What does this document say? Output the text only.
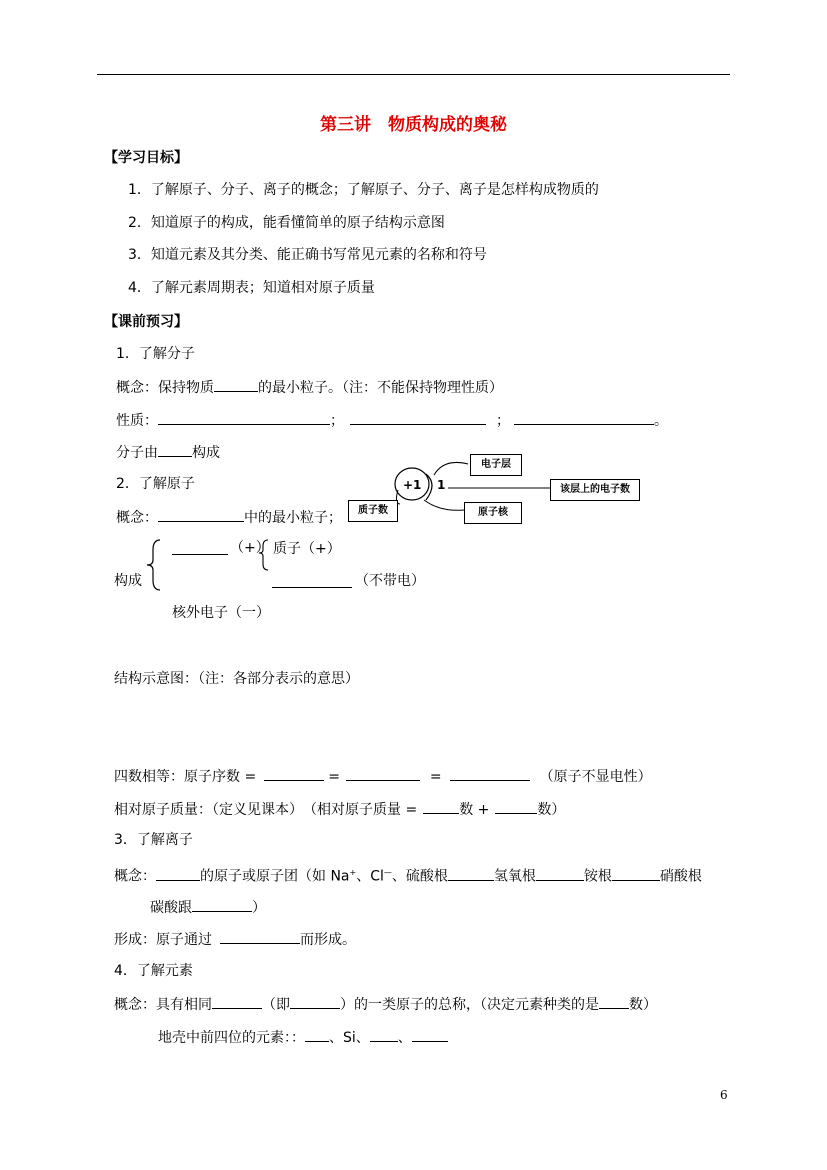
第三讲　物质构成的奥秘
【学习目标】
1．了解原子、分子、离子的概念；了解原子、分子、离子是怎样构成物质的
2．知道原子的构成，能看懂简单的原子结构示意图
3．知道元素及其分类、能正确书写常见元素的名称和符号
4．了解元素周期表；知道相对原子质量
【课前预习】
1．了解分子
概念：保持物质	的最小粒子。（注：不能保持物理性质）
性质：	；	；	。
分子由 构成
2．了解原子
概念：	中的最小粒子；
+1 1
电子层
质子数	原子核
该层上的电子数
（+） 质子（+）
构成	（不带电）
核外电子（一）
结构示意图：（注：各部分表示的意思）
四数相等：原子序数 =	=	=	（原子不显电性）
相对原子质量：（定义见课本）　（相对原子质量 =	数 +	数）
3．了解离子
概念：	的原子或原子团（如 Na+、Cl—、硫酸根	氢氧根	铵根	硝酸根
碳酸跟	）
形成：原子通过	而形成。
4．了解元素
概念：具有相同	（即	）的一类原子的总称，（决定元素种类的是 数）
地壳中前四位的元素：： 、Si、 、
6
